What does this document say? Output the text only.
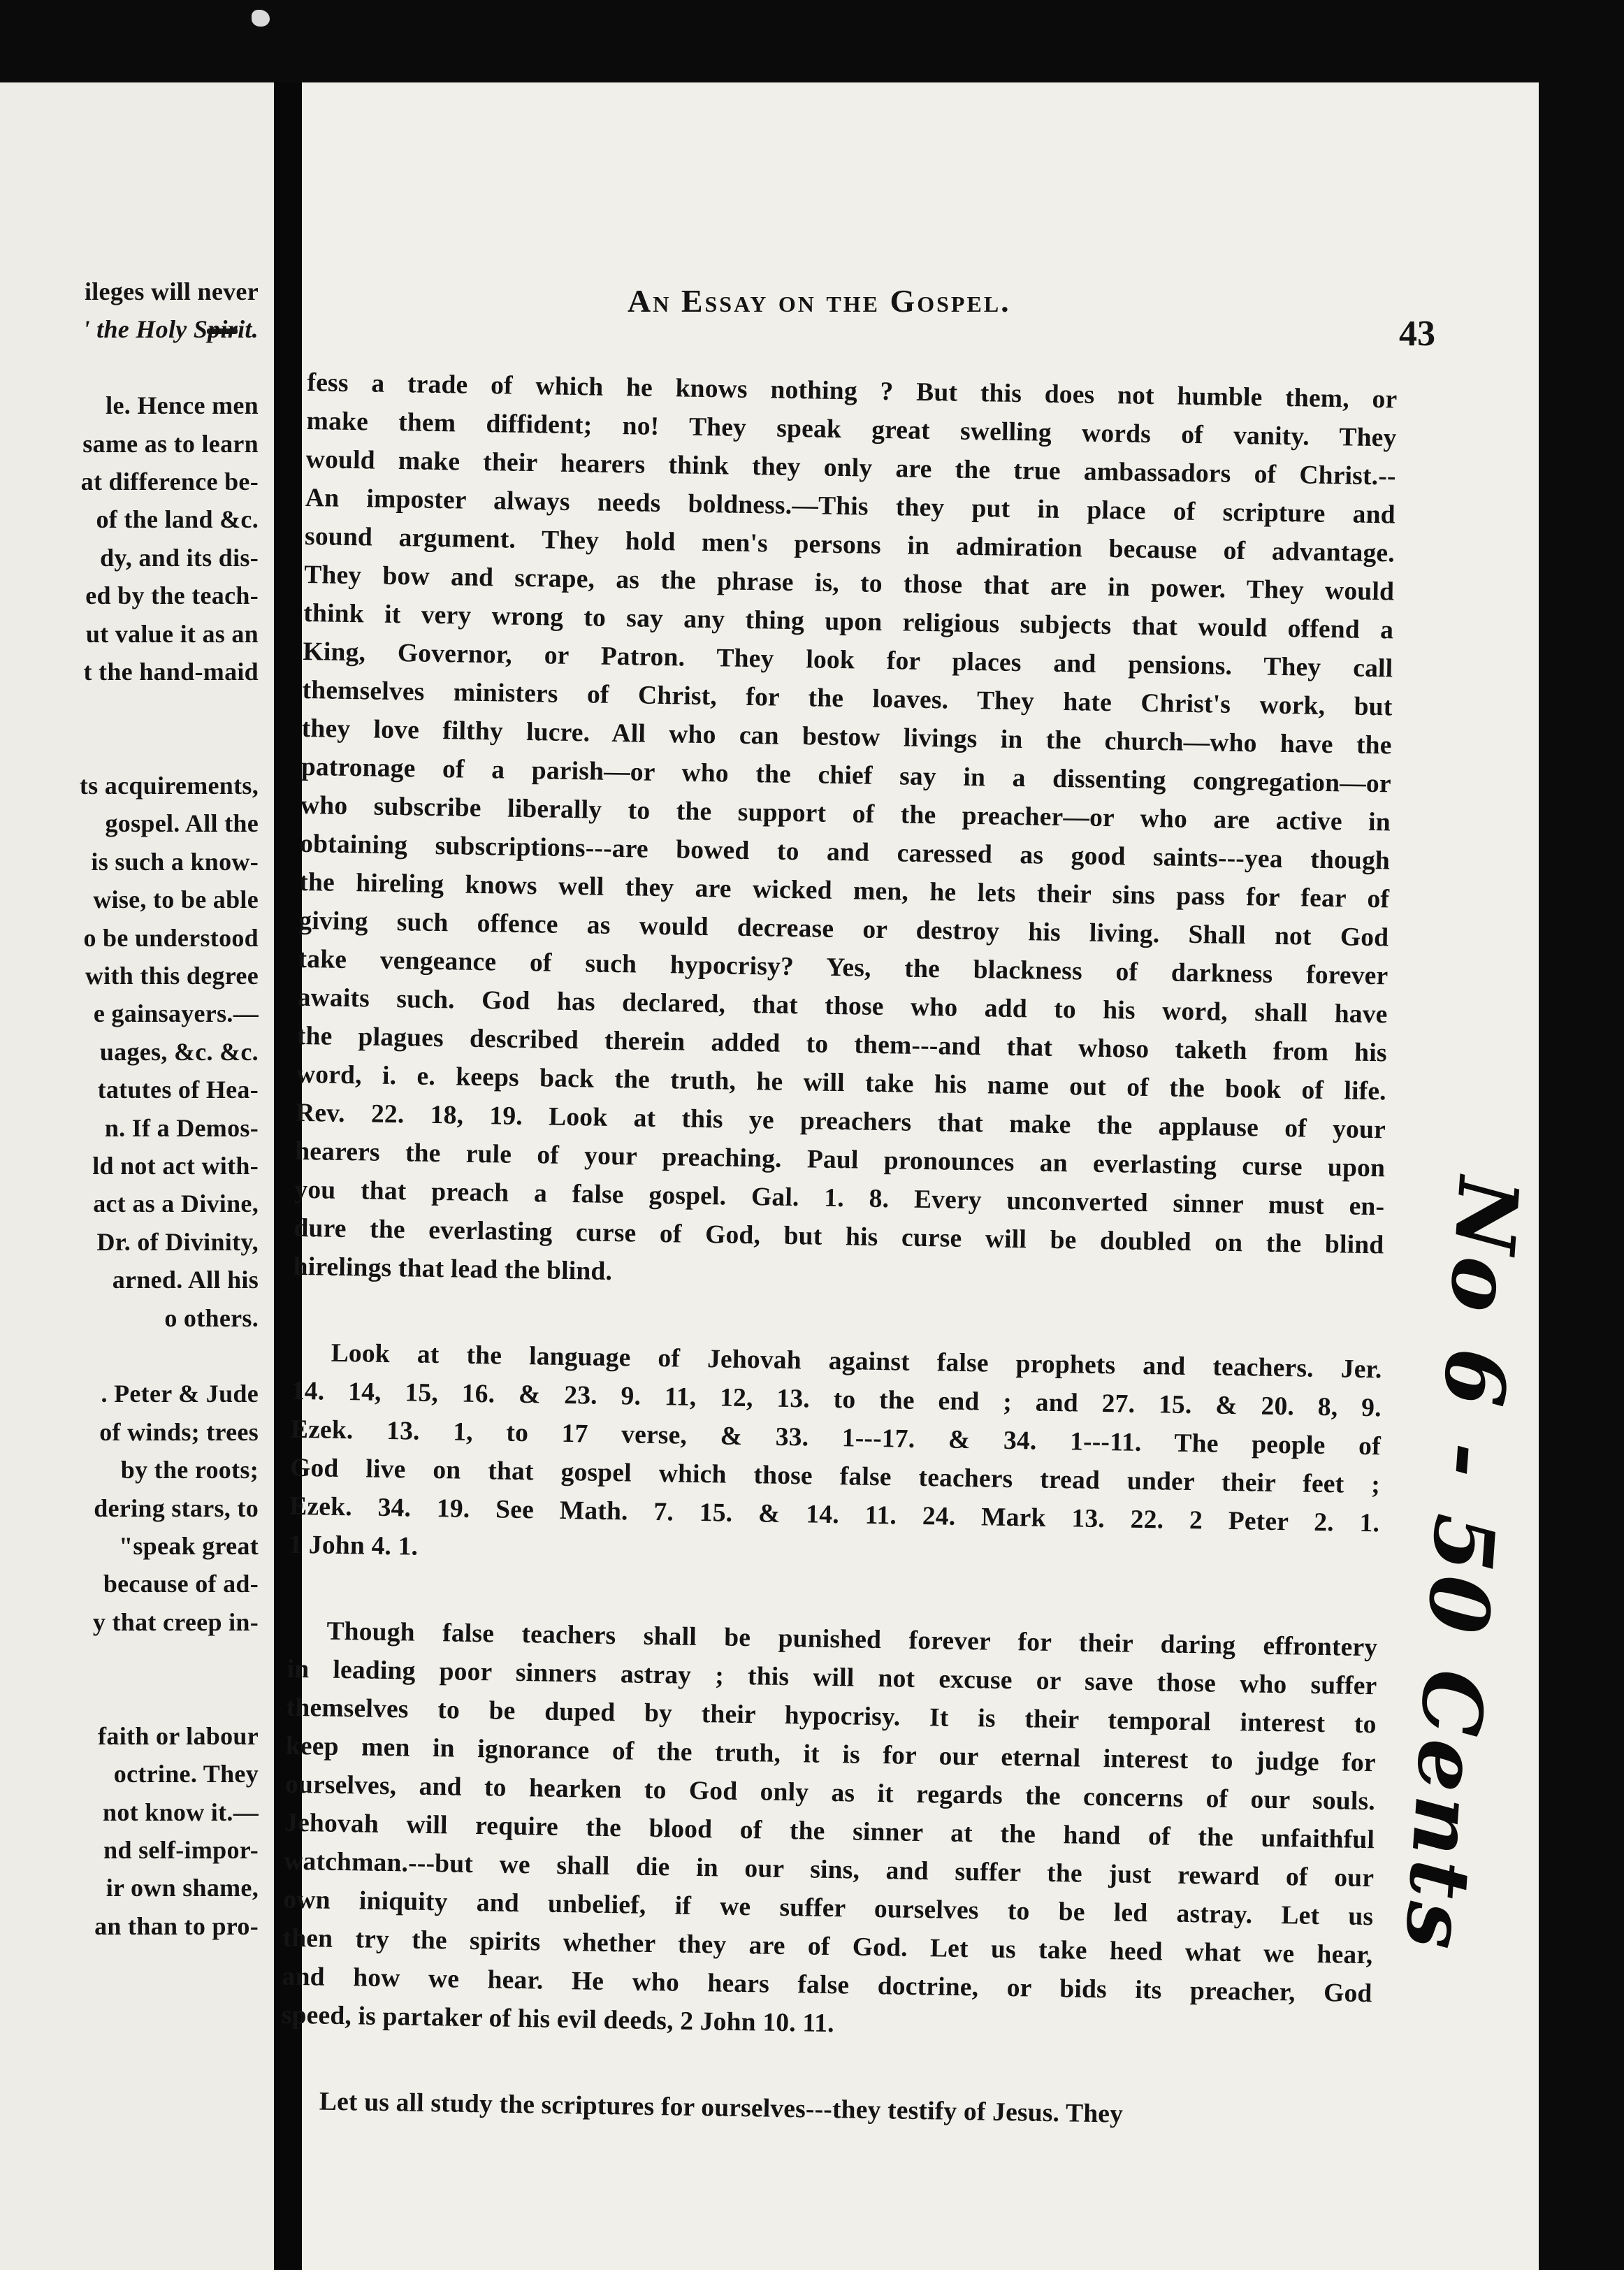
ileges will never
' the Holy Spirit.
le. Hence men
same as to learn
at difference be-
of the land &c.
dy, and its dis-
ed by the teach-
ut value it as an
t the hand-maid
ts acquirements,
gospel. All the
is such a know-
wise, to be able
o be understood
with this degree
e gainsayers.—
uages, &c. &c.
tatutes of Hea-
n. If a Demos-
ld not act with-
act as a Divine,
Dr. of Divinity,
arned. All his
o others.
. Peter & Jude
of winds; trees
by the roots;
dering stars, to
"speak great
because of ad-
y that creep in-
faith or labour
octrine. They
not know it.—
nd self-impor-
ir own shame,
an than to pro-
An Essay on the Gospel.
43
fess a trade of which he knows nothing ? But this does not humble them, or
make them diffident; no! They speak great swelling words of vanity. They
would make their hearers think they only are the true ambassadors of Christ.--
An imposter always needs boldness.—This they put in place of scripture and
sound argument. They hold men's persons in admiration because of advantage.
They bow and scrape, as the phrase is, to those that are in power. They would
think it very wrong to say any thing upon religious subjects that would offend a
King, Governor, or Patron. They look for places and pensions. They call
themselves ministers of Christ, for the loaves. They hate Christ's work, but
they love filthy lucre. All who can bestow livings in the church—who have the
patronage of a parish—or who the chief say in a dissenting congregation—or
who subscribe liberally to the support of the preacher—or who are active in
obtaining subscriptions---are bowed to and caressed as good saints---yea though
the hireling knows well they are wicked men, he lets their sins pass for fear of
giving such offence as would decrease or destroy his living. Shall not God
take vengeance of such hypocrisy? Yes, the blackness of darkness forever
awaits such. God has declared, that those who add to his word, shall have
the plagues described therein added to them---and that whoso taketh from his
word, i. e. keeps back the truth, he will take his name out of the book of life.
Rev. 22. 18, 19. Look at this ye preachers that make the applause of your
hearers the rule of your preaching. Paul pronounces an everlasting curse upon
you that preach a false gospel. Gal. 1. 8. Every unconverted sinner must en-
dure the everlasting curse of God, but his curse will be doubled on the blind
hirelings that lead the blind.
Look at the language of Jehovah against false prophets and teachers. Jer.
14. 14, 15, 16. & 23. 9. 11, 12, 13. to the end ; and 27. 15. & 20. 8, 9.
Ezek. 13. 1, to 17 verse, & 33. 1---17. & 34. 1---11. The people of
God live on that gospel which those false teachers tread under their feet ;
Ezek. 34. 19. See Math. 7. 15. & 14. 11. 24. Mark 13. 22. 2 Peter 2. 1.
1 John 4. 1.
Though false teachers shall be punished forever for their daring effrontery
in leading poor sinners astray ; this will not excuse or save those who suffer
themselves to be duped by their hypocrisy. It is their temporal interest to
keep men in ignorance of the truth, it is for our eternal interest to judge for
ourselves, and to hearken to God only as it regards the concerns of our souls.
Jehovah will require the blood of the sinner at the hand of the unfaithful
watchman.---but we shall die in our sins, and suffer the just reward of our
own iniquity and unbelief, if we suffer ourselves to be led astray. Let us
then try the spirits whether they are of God. Let us take heed what we hear,
and how we hear. He who hears false doctrine, or bids its preacher, God
speed, is partaker of his evil deeds, 2 John 10. 11.
Let us all study the scriptures for ourselves---they testify of Jesus. They
No 6 - 50 Cents
